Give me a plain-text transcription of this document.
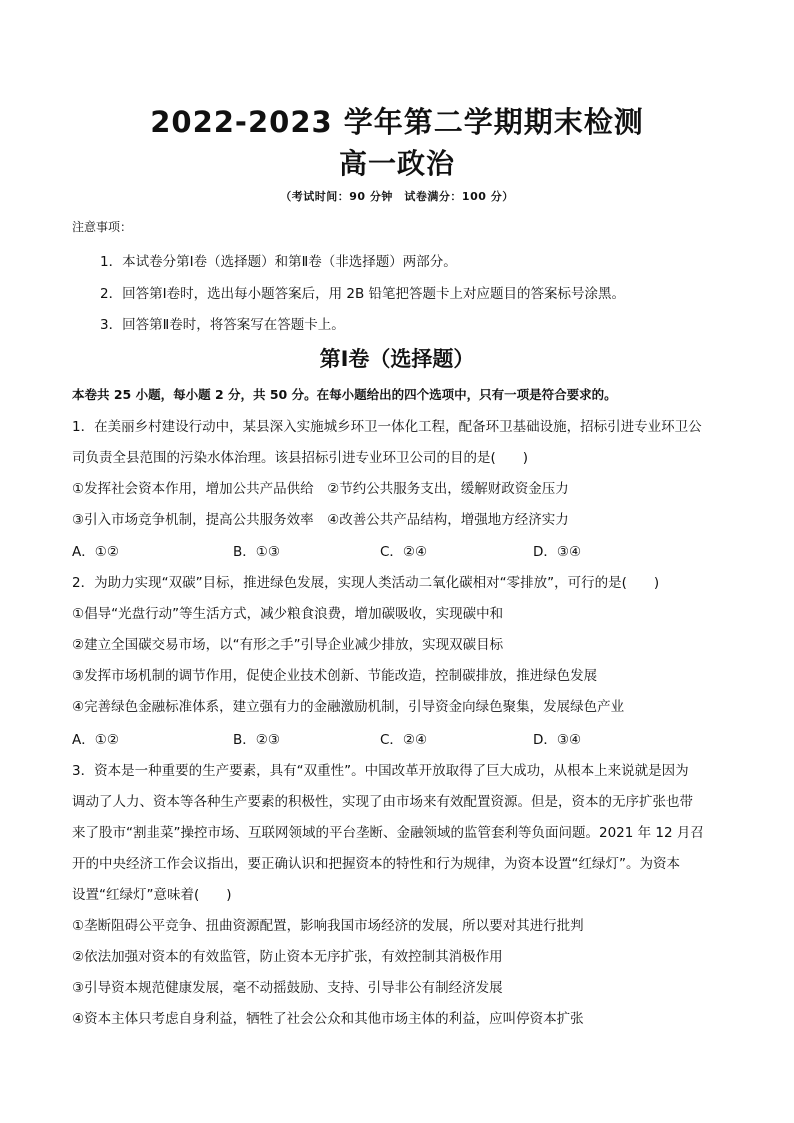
2022-2023 学年第二学期期末检测
高一政治
（考试时间：90 分钟　试卷满分：100 分）
注意事项：
1．本试卷分第Ⅰ卷（选择题）和第Ⅱ卷（非选择题）两部分。
2．回答第Ⅰ卷时，选出每小题答案后，用 2B 铅笔把答题卡上对应题目的答案标号涂黑。
3．回答第Ⅱ卷时，将答案写在答题卡上。
第Ⅰ卷（选择题）
本卷共 25 小题，每小题 2 分，共 50 分。在每小题给出的四个选项中，只有一项是符合要求的。
1．在美丽乡村建设行动中，某县深入实施城乡环卫一体化工程，配备环卫基础设施，招标引进专业环卫公
司负责全县范围的污染水体治理。该县招标引进专业环卫公司的目的是(　　)
①发挥社会资本作用，增加公共产品供给　②节约公共服务支出，缓解财政资金压力
③引入市场竞争机制，提高公共服务效率　④改善公共产品结构，增强地方经济实力
A．①②	B．①③	C．②④	D．③④
2．为助力实现“双碳”目标，推进绿色发展，实现人类活动二氧化碳相对“零排放”，可行的是(　　)
①倡导“光盘行动”等生活方式，减少粮食浪费，增加碳吸收，实现碳中和
②建立全国碳交易市场，以“有形之手”引导企业减少排放，实现双碳目标
③发挥市场机制的调节作用，促使企业技术创新、节能改造，控制碳排放，推进绿色发展
④完善绿色金融标准体系，建立强有力的金融激励机制，引导资金向绿色聚集，发展绿色产业
A．①②	B．②③	C．②④	D．③④
3．资本是一种重要的生产要素，具有“双重性”。中国改革开放取得了巨大成功，从根本上来说就是因为
调动了人力、资本等各种生产要素的积极性，实现了由市场来有效配置资源。但是，资本的无序扩张也带
来了股市“割韭菜”操控市场、互联网领域的平台垄断、金融领域的监管套利等负面问题。2021 年 12 月召
开的中央经济工作会议指出，要正确认识和把握资本的特性和行为规律，为资本设置“红绿灯”。为资本
设置“红绿灯”意味着(　　)
①垄断阻碍公平竞争、扭曲资源配置，影响我国市场经济的发展，所以要对其进行批判
②依法加强对资本的有效监管，防止资本无序扩张，有效控制其消极作用
③引导资本规范健康发展，毫不动摇鼓励、支持、引导非公有制经济发展
④资本主体只考虑自身利益，牺牲了社会公众和其他市场主体的利益，应叫停资本扩张
